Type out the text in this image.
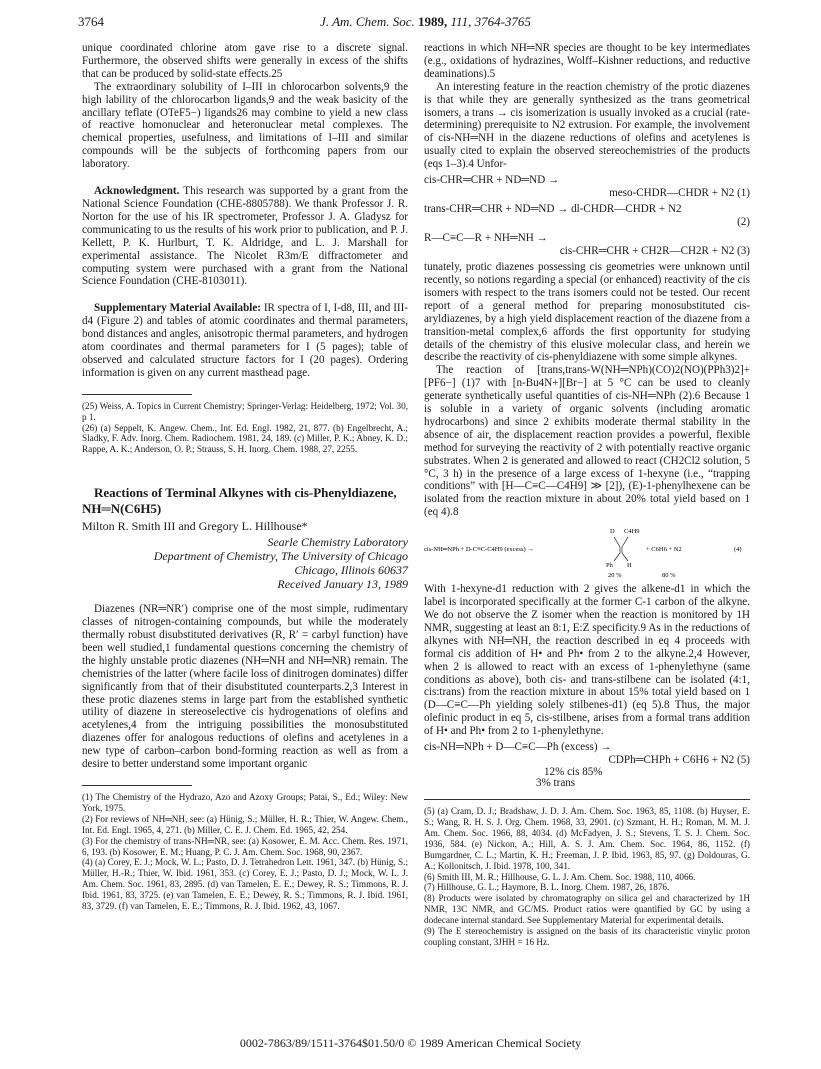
3764	J. Am. Chem. Soc. 1989, 111, 3764-3765

unique coordinated chlorine atom gave rise to a discrete signal. Furthermore, the observed shifts were generally in excess of the shifts that can be produced by solid-state effects.25

The extraordinary solubility of I–III in chlorocarbon solvents,9 the high lability of the chlorocarbon ligands,9 and the weak basicity of the ancillary teflate (OTeF5−) ligands26 may combine to yield a new class of reactive homonuclear and heteronuclear metal complexes. The chemical properties, usefulness, and limitations of I–III and similar compounds will be the subjects of forthcoming papers from our laboratory.

Acknowledgment. This research was supported by a grant from the National Science Foundation (CHE-8805788). We thank Professor J. R. Norton for the use of his IR spectrometer, Professor J. A. Gladysz for communicating to us the results of his work prior to publication, and P. J. Kellett, P. K. Hurlburt, T. K. Aldridge, and L. J. Marshall for experimental assistance. The Nicolet R3m/E diffractometer and computing system were purchased with a grant from the National Science Foundation (CHE-8103011).

Supplementary Material Available: IR spectra of I, I-d8, III, and III-d4 (Figure 2) and tables of atomic coordinates and thermal parameters, bond distances and angles, anisotropic thermal parameters, and hydrogen atom coordinates and thermal parameters for I (5 pages); table of observed and calculated structure factors for I (20 pages). Ordering information is given on any current masthead page.

(25) Weiss, A. Topics in Current Chemistry; Springer-Verlag: Heidelberg, 1972; Vol. 30, p 1.

(26) (a) Seppelt, K. Angew. Chem., Int. Ed. Engl. 1982, 21, 877. (b) Engelbrecht, A.; Sladky, F. Adv. Inorg. Chem. Radiochem. 1981, 24, 189. (c) Miller, P. K.; Abney, K. D.; Rappe, A. K.; Anderson, O. P.; Strauss, S. H. Inorg. Chem. 1988, 27, 2255.

Reactions of Terminal Alkynes with cis-Phenyldiazene, NH═N(C6H5)

Milton R. Smith III and Gregory L. Hillhouse*
Searle Chemistry Laboratory
Department of Chemistry, The University of Chicago
Chicago, Illinois 60637
Received January 13, 1989

Diazenes (NR═NR′) comprise one of the most simple, rudimentary classes of nitrogen-containing compounds, but while the moderately thermally robust disubstituted derivatives (R, R′ = carbyl function) have been well studied,1 fundamental questions concerning the chemistry of the highly unstable protic diazenes (NH═NH and NH═NR) remain. The chemistries of the latter (where facile loss of dinitrogen dominates) differ significantly from that of their disubstituted counterparts.2,3 Interest in these protic diazenes stems in large part from the established synthetic utility of diazene in stereoselective cis hydrogenations of olefins and acetylenes,4 from the intriguing possibilities the monosubstituted diazenes offer for analogous reductions of olefins and acetylenes in a new type of carbon–carbon bond-forming reaction as well as from a desire to better understand some important organic

(1) The Chemistry of the Hydrazo, Azo and Azoxy Groups; Patai, S., Ed.; Wiley: New York, 1975.

(2) For reviews of NH═NH, see: (a) Hünig, S.; Müller, H. R.; Thier, W. Angew. Chem., Int. Ed. Engl. 1965, 4, 271. (b) Miller, C. E. J. Chem. Ed. 1965, 42, 254.

(3) For the chemistry of trans-NH═NR, see: (a) Kosower, E. M. Acc. Chem. Res. 1971, 6, 193. (b) Kosower, E. M.; Huang, P. C. J. Am. Chem. Soc. 1968, 90, 2367.

(4) (a) Corey, E. J.; Mock, W. L.; Pasto, D. J. Tetrahedron Lett. 1961, 347. (b) Hünig, S.; Müller, H.-R.; Thier, W. Ibid. 1961, 353. (c) Corey, E. J.; Pasto, D. J.; Mock, W. L. J. Am. Chem. Soc. 1961, 83, 2895. (d) van Tamelen, E. E.; Dewey, R. S.; Timmons, R. J. Ibid. 1961, 83, 3725. (e) van Tamelen, E. E.; Dewey, R. S.; Timmons, R. J. Ibid. 1961, 83, 3729. (f) van Tamelen, E. E.; Timmons, R. J. Ibid. 1962, 43, 1067.

reactions in which NH═NR species are thought to be key intermediates (e.g., oxidations of hydrazines, Wolff–Kishner reductions, and reductive deaminations).5

An interesting feature in the reaction chemistry of the protic diazenes is that while they are generally synthesized as the trans geometrical isomers, a trans → cis isomerization is usually invoked as a crucial (rate-determining) prerequisite to N2 extrusion. For example, the involvement of cis-NH═NH in the diazene reductions of olefins and acetylenes is usually cited to explain the observed stereochemistries of the products (eqs 1–3).4 Unfor-

cis-CHR═CHR + ND═ND →
meso-CHDR—CHDR + N2 (1)
trans-CHR═CHR + ND═ND → dl-CHDR—CHDR + N2
(2)
R—C≡C—R + NH═NH →
cis-CHR═CHR + CH2R—CH2R + N2 (3)

tunately, protic diazenes possessing cis geometries were unknown until recently, so notions regarding a special (or enhanced) reactivity of the cis isomers with respect to the trans isomers could not be tested. Our recent report of a general method for preparing monosubstituted cis-aryldiazenes, by a high yield displacement reaction of the diazene from a transition-metal complex,6 affords the first opportunity for studying details of the chemistry of this elusive molecular class, and herein we describe the reactivity of cis-phenyldiazene with some simple alkynes.

The reaction of [trans,trans-W(NH═NPh)(CO)2(NO)(PPh3)2]+[PF6−] (1)7 with [n-Bu4N+][Br−] at 5 °C can be used to cleanly generate synthetically useful quantities of cis-NH═NPh (2).6 Because 1 is soluble in a variety of organic solvents (including aromatic hydrocarbons) and since 2 exhibits moderate thermal stability in the absence of air, the displacement reaction provides a powerful, flexible method for surveying the reactivity of 2 with potentially reactive organic substrates. When 2 is generated and allowed to react (CH2Cl2 solution, 5 °C, 3 h) in the presence of a large excess of 1-hexyne (i.e., “trapping conditions” with [H—C≡C—C4H9] ≫ [2]), (E)-1-phenylhexene can be isolated from the reaction mixture in about 20% total yield based on 1 (eq 4).8

cis-NH═NPh + D-C≡C-C4H9 (excess) →
D C4H9
Ph H
+ C6H6 + N2	(4)
20 %	80 %

With 1-hexyne-d1 reduction with 2 gives the alkene-d1 in which the label is incorporated specifically at the former C-1 carbon of the alkyne. We do not observe the Z isomer when the reaction is monitored by 1H NMR, suggesting at least an 8:1, E:Z specificity.9 As in the reductions of alkynes with NH═NH, the reaction described in eq 4 proceeds with formal cis addition of H• and Ph• from 2 to the alkyne.2,4 However, when 2 is allowed to react with an excess of 1-phenylethyne (same conditions as above), both cis- and trans-stilbene can be isolated (4:1, cis:trans) from the reaction mixture in about 15% total yield based on 1 (D—C≡C—Ph yielding solely stilbenes-d1) (eq 5).8 Thus, the major olefinic product in eq 5, cis-stilbene, arises from a formal trans addition of H• and Ph• from 2 to 1-phenylethyne.

cis-NH═NPh + D—C≡C—Ph (excess) →
CDPh═CHPh + C6H6 + N2 (5)
12% cis 85%
3% trans

(5) (a) Cram, D. J.; Bradshaw, J. D. J. Am. Chem. Soc. 1963, 85, 1108. (b) Huyser, E. S.; Wang, R. H. S. J. Org. Chem. 1968, 33, 2901. (c) Szmant, H. H.; Roman, M. M. J. Am. Chem. Soc. 1966, 88, 4034. (d) McFadyen, J. S.; Stevens, T. S. J. Chem. Soc. 1936, 584. (e) Nickon, A.; Hill, A. S. J. Am. Chem. Soc. 1964, 86, 1152. (f) Bumgardner, C. L.; Martin, K. H.; Freeman, J. P. Ibid. 1963, 85, 97. (g) Doldouras, G. A.; Kollonitsch, J. Ibid. 1978, 100, 341.

(6) Smith III, M. R.; Hillhouse, G. L. J. Am. Chem. Soc. 1988, 110, 4066.

(7) Hillhouse, G. L.; Haymore, B. L. Inorg. Chem. 1987, 26, 1876.

(8) Products were isolated by chromatography on silica gel and characterized by 1H NMR, 13C NMR, and GC/MS. Product ratios were quantified by GC by using a dodecane internal standard. See Supplementary Material for experimental details.

(9) The E stereochemistry is assigned on the basis of its characteristic vinylic proton coupling constant, 3JHH = 16 Hz.

0002-7863/89/1511-3764$01.50/0 © 1989 American Chemical Society
